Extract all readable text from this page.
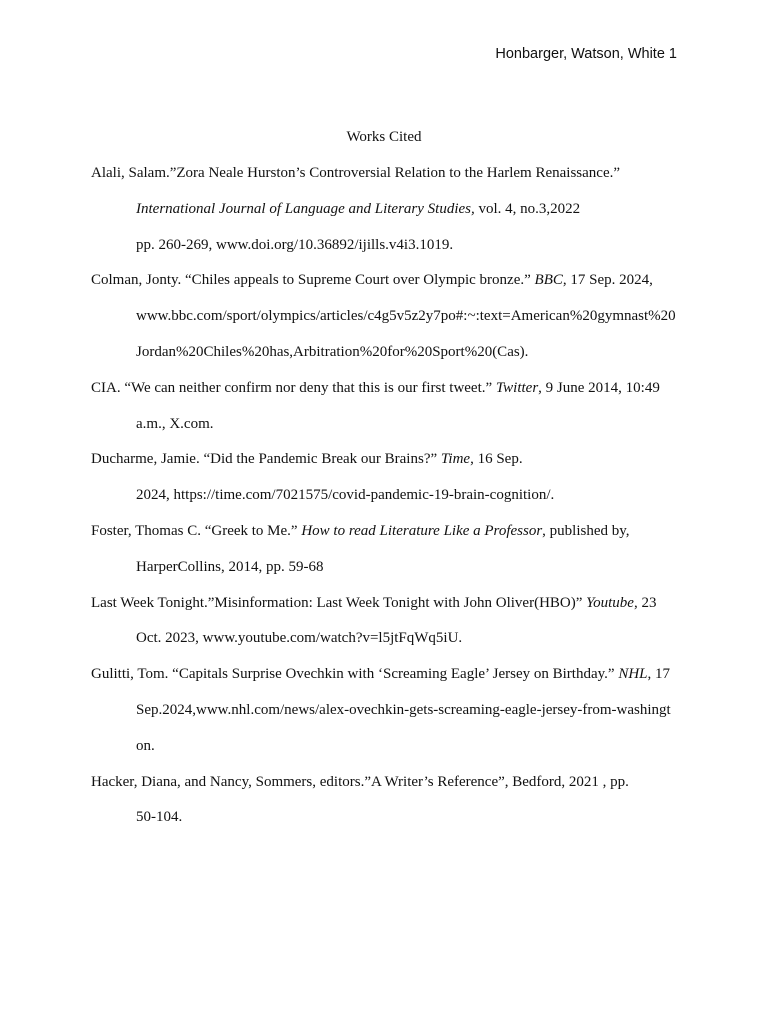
Honbarger, Watson, White 1
Works Cited
Alali, Salam.”Zora Neale Hurston’s Controversial Relation to the Harlem Renaissance.”
International Journal of Language and Literary Studies, vol. 4, no.3,2022
pp. 260-269, www.doi.org/10.36892/ijills.v4i3.1019.
Colman, Jonty. “Chiles appeals to Supreme Court over Olympic bronze.” BBC, 17 Sep. 2024,
www.bbc.com/sport/olympics/articles/c4g5v5z2y7po#:~:text=American%20gymnast%20
Jordan%20Chiles%20has,Arbitration%20for%20Sport%20(Cas).
CIA. “We can neither confirm nor deny that this is our first tweet.” Twitter, 9 June 2014, 10:49
a.m., X.com.
Ducharme, Jamie. “Did the Pandemic Break our Brains?” Time, 16 Sep.
2024, https://time.com/7021575/covid-pandemic-19-brain-cognition/.
Foster, Thomas C. “Greek to Me.” How to read Literature Like a Professor, published by,
HarperCollins, 2014, pp. 59-68
Last Week Tonight.”Misinformation: Last Week Tonight with John Oliver(HBO)” Youtube, 23
Oct. 2023, www.youtube.com/watch?v=l5jtFqWq5iU.
Gulitti, Tom. “Capitals Surprise Ovechkin with ‘Screaming Eagle’ Jersey on Birthday.” NHL, 17
Sep.2024,www.nhl.com/news/alex-ovechkin-gets-screaming-eagle-jersey-from-washingt
on.
Hacker, Diana, and Nancy, Sommers, editors.”A Writer’s Reference”, Bedford, 2021 , pp.
50-104.
